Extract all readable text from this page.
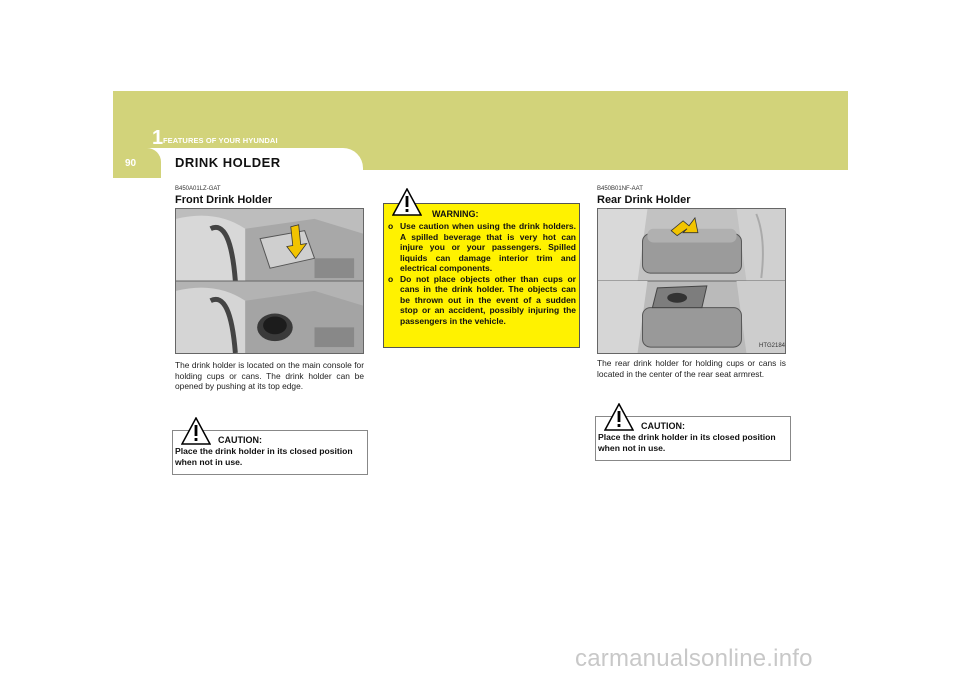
90
1 FEATURES OF YOUR HYUNDAI
DRINK HOLDER
B450A01LZ-GAT
Front Drink Holder
The drink holder is located on the main console for holding cups or cans. The drink holder can be opened by pushing at its top edge.
CAUTION:
Place the drink holder in its closed position when not in use.
WARNING:
o Use caution when using the drink holders. A spilled beverage that is very hot can injure you or your passengers. Spilled liquids can damage interior trim and electrical components.
o Do not place objects other than cups or cans in the drink holder. The objects can be thrown out in the event of a sudden stop or an accident, possibly injuring the passengers in the vehicle.
B450B01NF-AAT
Rear Drink Holder
HTG2184
The rear drink holder for holding cups or cans is located in the center of the rear seat armrest.
CAUTION:
Place the drink holder in its closed position when not in use.
carmanualsonline.info
